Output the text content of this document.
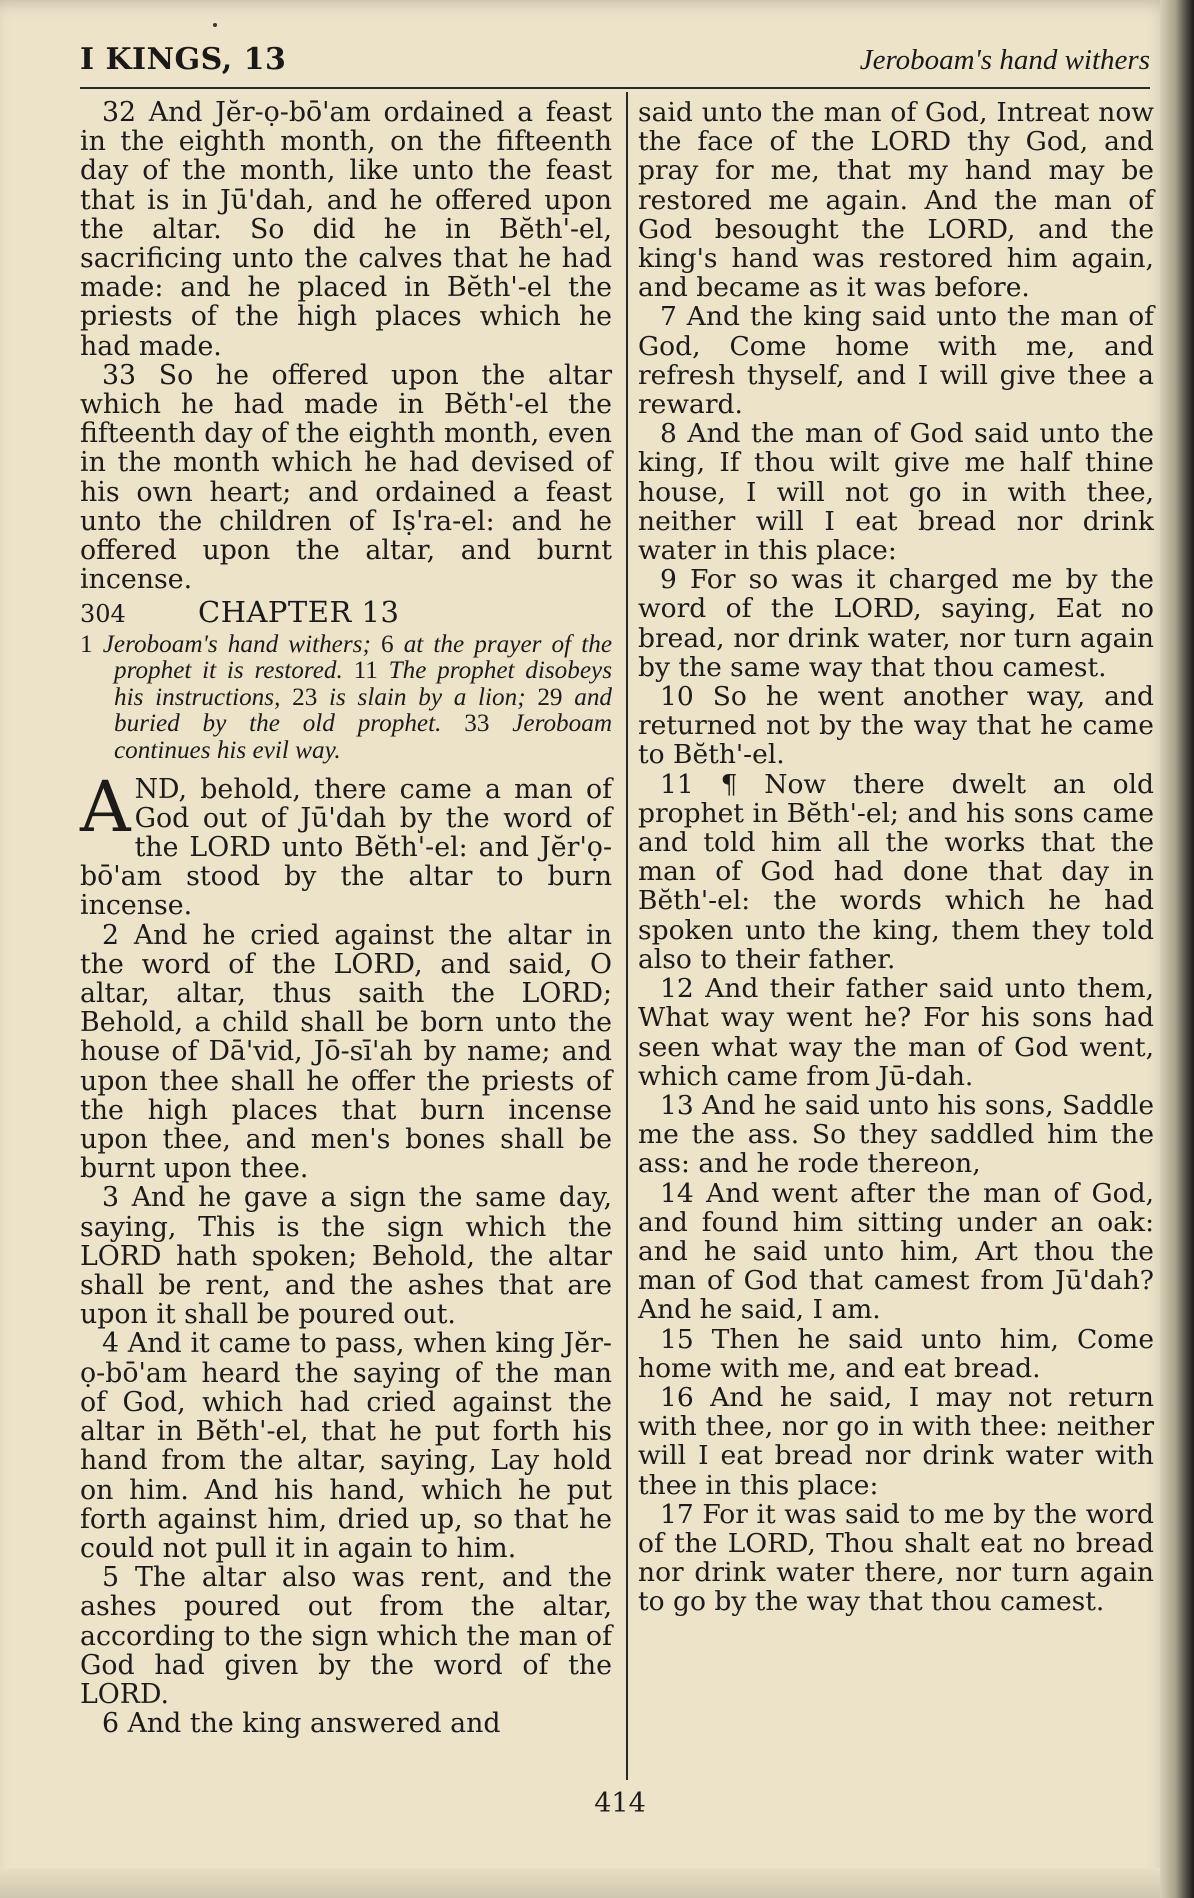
I KINGS, 13	Jeroboam's hand withers

32 And Jĕr-ọ-bō'am ordained a feast in the eighth month, on the fifteenth day of the month, like unto the feast that is in Jū'dah, and he offered upon the altar. So did he in Bĕth'-el, sacrificing unto the calves that he had made: and he placed in Bĕth'-el the priests of the high places which he had made.

33 So he offered upon the altar which he had made in Bĕth'-el the fifteenth day of the eighth month, even in the month which he had devised of his own heart; and ordained a feast unto the children of Iṣ'ra-el: and he offered upon the altar, and burnt incense.

304	CHAPTER 13
1 Jeroboam's hand withers; 6 at the prayer of the prophet it is restored. 11 The prophet disobeys his instructions, 23 is slain by a lion; 29 and buried by the old prophet. 33 Jeroboam continues his evil way.

AND, behold, there came a man of God out of Jū'dah by the word of the LORD unto Bĕth'-el: and Jĕr'ọ-bō'am stood by the altar to burn incense.

2 And he cried against the altar in the word of the LORD, and said, O altar, altar, thus saith the LORD; Behold, a child shall be born unto the house of Dā'vid, Jō-sī'ah by name; and upon thee shall he offer the priests of the high places that burn incense upon thee, and men's bones shall be burnt upon thee.

3 And he gave a sign the same day, saying, This is the sign which the LORD hath spoken; Behold, the altar shall be rent, and the ashes that are upon it shall be poured out.

4 And it came to pass, when king Jĕr-ọ-bō'am heard the saying of the man of God, which had cried against the altar in Bĕth'-el, that he put forth his hand from the altar, saying, Lay hold on him. And his hand, which he put forth against him, dried up, so that he could not pull it in again to him.

5 The altar also was rent, and the ashes poured out from the altar, according to the sign which the man of God had given by the word of the LORD.

6 And the king answered and

said unto the man of God, Intreat now the face of the LORD thy God, and pray for me, that my hand may be restored me again. And the man of God besought the LORD, and the king's hand was restored him again, and became as it was before.

7 And the king said unto the man of God, Come home with me, and refresh thyself, and I will give thee a reward.

8 And the man of God said unto the king, If thou wilt give me half thine house, I will not go in with thee, neither will I eat bread nor drink water in this place:

9 For so was it charged me by the word of the LORD, saying, Eat no bread, nor drink water, nor turn again by the same way that thou camest.

10 So he went another way, and returned not by the way that he came to Bĕth'-el.

11 ¶ Now there dwelt an old prophet in Bĕth'-el; and his sons came and told him all the works that the man of God had done that day in Bĕth'-el: the words which he had spoken unto the king, them they told also to their father.

12 And their father said unto them, What way went he? For his sons had seen what way the man of God went, which came from Jū-dah.

13 And he said unto his sons, Saddle me the ass. So they saddled him the ass: and he rode thereon,

14 And went after the man of God, and found him sitting under an oak: and he said unto him, Art thou the man of God that camest from Jū'dah? And he said, I am.

15 Then he said unto him, Come home with me, and eat bread.

16 And he said, I may not return with thee, nor go in with thee: neither will I eat bread nor drink water with thee in this place:

17 For it was said to me by the word of the LORD, Thou shalt eat no bread nor drink water there, nor turn again to go by the way that thou camest.

414
